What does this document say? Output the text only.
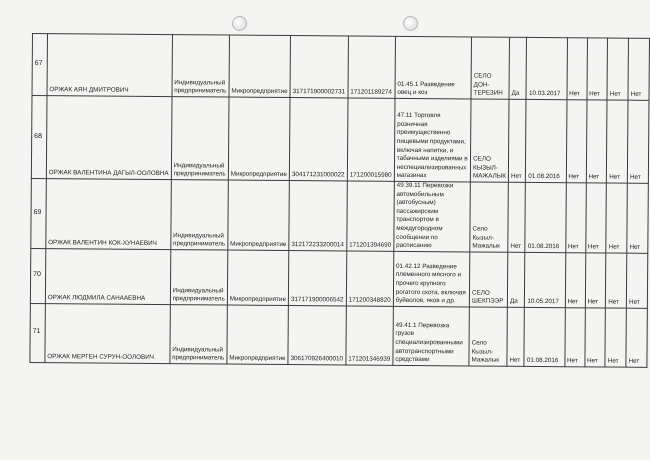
67	ОРЖАК АЯН ДМИТРОВИЧ	Индивидуальный предприниматель	Микропредприятие	317171900002731	171201189274	01.45.1 Разведение овец и коз	СЕЛО ДОН-ТЕРЕЗИН	Да	10.03.2017	Нет	Нет	Нет	Нет
68	ОРЖАК ВАЛЕНТИНА ДАГЫЛ-ООЛОВНА	Индивидуальный предприниматель	Микропредприятие	304171231000022	171200015980	47.11 Торговля розничная преимущественно пищевыми продуктами, включая напитки, и табачными изделиями в неспециализированных магазинах	СЕЛО КЫЗЫЛ-МАЖАЛЫК	Нет	01.08.2016	Нет	Нет	Нет	Нет
69	ОРЖАК ВАЛЕНТИН КОК-ХУНАЕВИЧ	Индивидуальный предприниматель	Микропредприятие	312172233200014	171201394690	49.39.11 Перевозки автомобильным (автобусным) пассажирским транспортом в междугородном сообщении по расписанию	Село Кызыл-Мажалык	Нет	01.08.2016	Нет	Нет	Нет	Нет
70	ОРЖАК ЛЮДМИЛА САНААЕВНА	Индивидуальный предприниматель	Микропредприятие	317171900006542	171200348820	01.42.12 Разведение племенного мясного и прочего крупного рогатого скота, включая буйволов, яков и др.	СЕЛО ШЕКПЭЭР	Да	10.05.2017	Нет	Нет	Нет	Нет
71	ОРЖАК МЕРГЕН СУРУН-ООЛОВИЧ	Индивидуальный предприниматель	Микропредприятие	306170926400010	171201346939	49.41.1 Перевозка грузов специализированными автотранспортными средствами	Село Кызыл-Мажалык	Нет	01.08.2016	Нет	Нет	Нет	Нет
